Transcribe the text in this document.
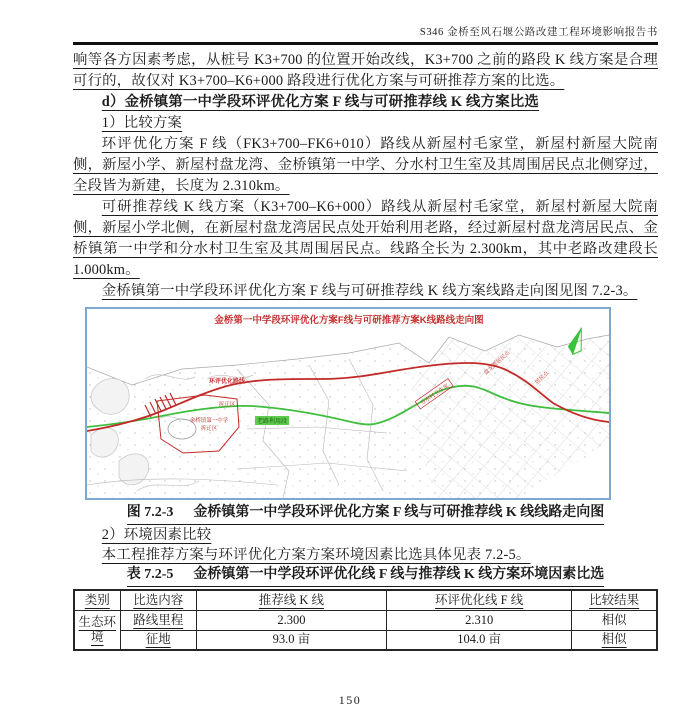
S346 金桥至风石堰公路改建工程环境影响报告书

响等各方因素考虑，从桩号 K3+700 的位置开始改线，K3+700 之前的路段 K 线方案是合理可行的，故仅对 K3+700–K6+000 路段进行优化方案与可研推荐方案的比选。

d）金桥镇第一中学段环评优化方案 F 线与可研推荐线 K 线方案比选

1）比较方案

环评优化方案 F 线（FK3+700–FK6+010）路线从新屋村毛家堂，新屋村新屋大院南侧，新屋小学、新屋村盘龙湾、金桥镇第一中学、分水村卫生室及其周围居民点北侧穿过，全段皆为新建，长度为 2.310km。

可研推荐线 K 线方案（K3+700–K6+000）路线从新屋村毛家堂，新屋村新屋大院南侧，新屋小学北侧，在新屋村盘龙湾居民点处开始利用老路，经过新屋村盘龙湾居民点、金桥镇第一中学和分水村卫生室及其周围居民点。线路全长为 2.300km，其中老路改建段长 1.000km。

金桥镇第一中学段环评优化方案 F 线与可研推荐线 K 线方案线路走向图见图 7.2-3。

老路利用段
环评优化路线
拆迁区
金桥镇第一中学
拆迁区
分水村卫生室
盘龙湾居民点
居民点
金桥第一中学段环评优化方案F线与可研推荐方案K线路线走向图

图 7.2-3 金桥镇第一中学段环评优化方案 F 线与可研推荐线 K 线线路走向图

2）环境因素比较

本工程推荐方案与环评优化方案方案环境因素比选具体见表 7.2-5。

表 7.2-5 金桥镇第一中学段环评优化线 F 线与推荐线 K 线方案环境因素比选

类别	比选内容	推荐线 K 线	环评优化线 F 线	比较结果
生态环境	路线里程	2.300	2.310	相似
	征地	93.0 亩	104.0 亩	相似
150
